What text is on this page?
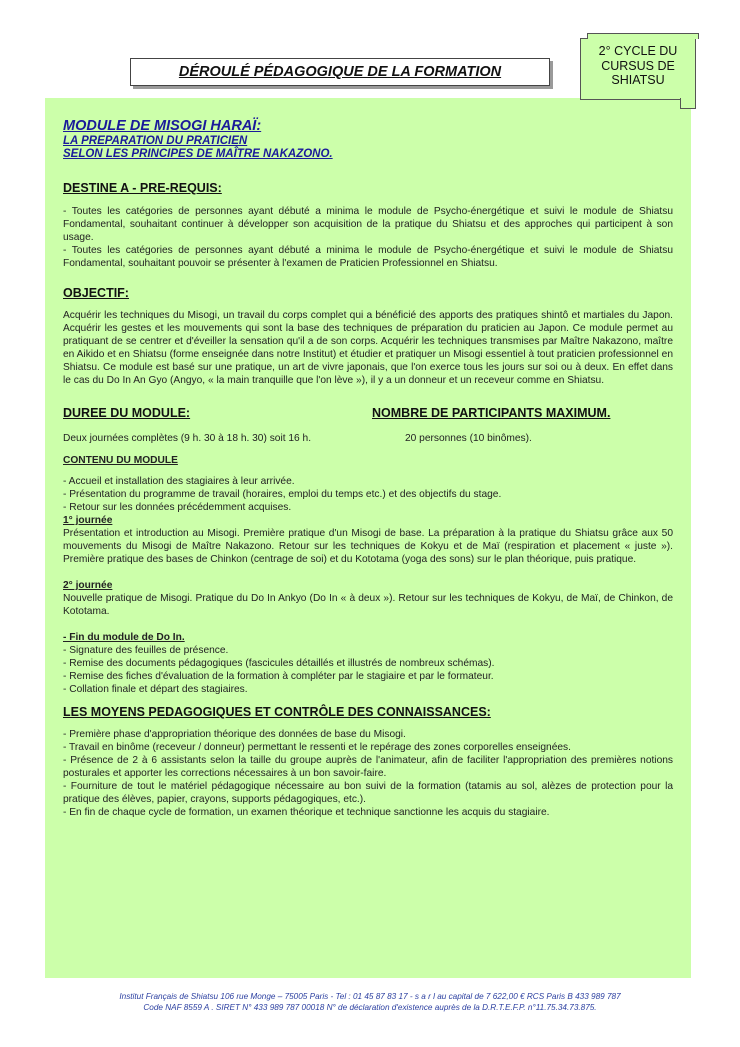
DÉROULÉ PÉDAGOGIQUE DE LA FORMATION
2° CYCLE DU
CURSUS DE
SHIATSU

MODULE DE MISOGI HARAÏ:

LA PREPARATION DU PRATICIEN

SELON LES PRINCIPES DE MAÎTRE NAKAZONO.

DESTINE A - PRE-REQUIS:

- Toutes les catégories de personnes ayant débuté a minima le module de Psycho-énergétique et suivi le module de Shiatsu Fondamental, souhaitant continuer à développer son acquisition de la pratique du Shiatsu et des approches qui participent à son usage.

- Toutes les catégories de personnes ayant débuté a minima le module de Psycho-énergétique et suivi le module de Shiatsu Fondamental, souhaitant pouvoir se présenter à l'examen de Praticien Professionnel en Shiatsu.

OBJECTIF:

Acquérir les techniques du Misogi, un travail du corps complet qui a bénéficié des apports des pratiques shintô et martiales du Japon. Acquérir les gestes et les mouvements qui sont la base des techniques de préparation du praticien au Japon. Ce module permet au pratiquant de se centrer et d'éveiller la sensation qu'il a de son corps. Acquérir les techniques transmises par Maître Nakazono, maître en Aikido et en Shiatsu (forme enseignée dans notre Institut) et étudier et pratiquer un Misogi essentiel à tout praticien professionnel en Shiatsu. Ce module est basé sur une pratique, un art de vivre japonais, que l'on exerce tous les jours sur soi ou à deux. En effet dans le cas du Do In An Gyo (Angyo, « la main tranquille que l'on lève »), il y a un donneur et un receveur comme en Shiatsu.

DUREE DU MODULE:	NOMBRE DE PARTICIPANTS MAXIMUM.

Deux journées complètes (9 h. 30 à 18 h. 30) soit 16 h.	20 personnes (10 binômes).

CONTENU DU MODULE

- Accueil et installation des stagiaires à leur arrivée.

- Présentation du programme de travail (horaires, emploi du temps etc.) et des objectifs du stage.

- Retour sur les données précédemment acquises.

1° journée

Présentation et introduction au Misogi. Première pratique d'un Misogi de base. La préparation à la pratique du Shiatsu grâce aux 50 mouvements du Misogi de Maître Nakazono. Retour sur les techniques de Kokyu et de Maï (respiration et placement « juste »). Première pratique des bases de Chinkon (centrage de soi) et du Kototama (yoga des sons) sur le plan théorique, puis pratique.

2° journée

Nouvelle pratique de Misogi. Pratique du Do In Ankyo (Do In « à deux »). Retour sur les techniques de Kokyu, de Maï, de Chinkon, de Kototama.

- Fin du module de Do In.

- Signature des feuilles de présence.

- Remise des documents pédagogiques (fascicules détaillés et illustrés de nombreux schémas).

- Remise des fiches d'évaluation de la formation à compléter par le stagiaire et par le formateur.

- Collation finale et départ des stagiaires.

LES MOYENS PEDAGOGIQUES ET CONTRÔLE DES CONNAISSANCES:

- Première phase d'appropriation théorique des données de base du Misogi.

- Travail en binôme (receveur / donneur) permettant le ressenti et le repérage des zones corporelles enseignées.

- Présence de 2 à 6 assistants selon la taille du groupe auprès de l'animateur, afin de faciliter l'appropriation des premières notions posturales et apporter les corrections nécessaires à un bon savoir-faire.

- Fourniture de tout le matériel pédagogique nécessaire au bon suivi de la formation (tatamis au sol, alèzes de protection pour la pratique des élèves, papier, crayons, supports pédagogiques, etc.).

- En fin de chaque cycle de formation, un examen théorique et technique sanctionne les acquis du stagiaire.

Institut Français de Shiatsu 106 rue Monge – 75005 Paris - Tel : 01 45 87 83 17 - s a r l au capital de 7 622,00 € RCS Paris B 433 989 787
Code NAF 8559 A . SIRET N° 433 989 787 00018 N° de déclaration d'existence auprès de la D.R.T.E.F.P. n°11.75.34.73.875.
